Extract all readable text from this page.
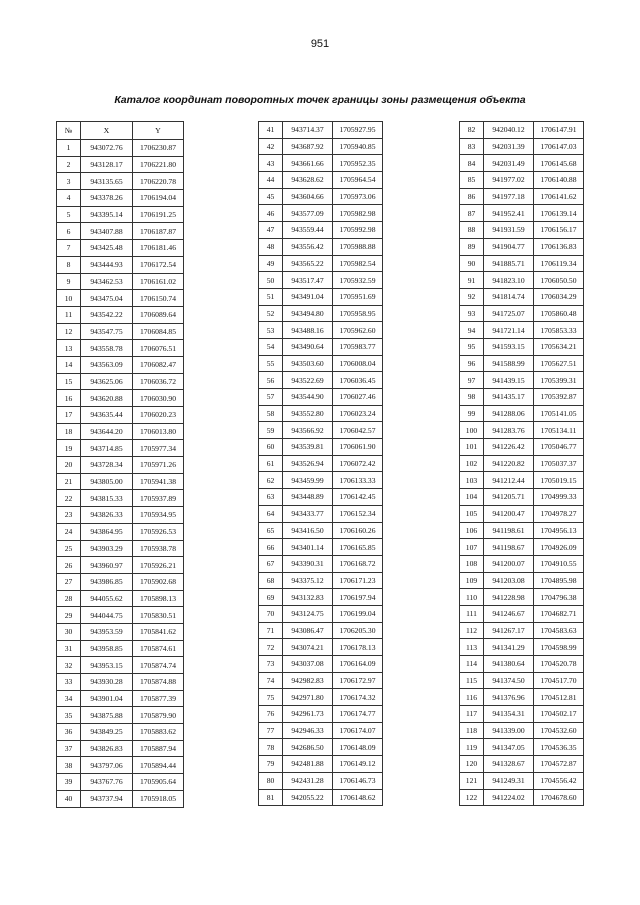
951
Каталог координат поворотных точек границы зоны размещения объекта
№	X	Y
1	943072.76	1706230.87
2	943128.17	1706221.80
3	943135.65	1706220.78
4	943378.26	1706194.04
5	943395.14	1706191.25
6	943407.88	1706187.87
7	943425.48	1706181.46
8	943444.93	1706172.54
9	943462.53	1706161.02
10	943475.04	1706150.74
11	943542.22	1706089.64
12	943547.75	1706084.85
13	943558.78	1706076.51
14	943563.09	1706082.47
15	943625.06	1706036.72
16	943620.88	1706030.90
17	943635.44	1706020.23
18	943644.20	1706013.80
19	943714.85	1705977.34
20	943728.34	1705971.26
21	943805.00	1705941.38
22	943815.33	1705937.89
23	943826.33	1705934.95
24	943864.95	1705926.53
25	943903.29	1705938.78
26	943960.97	1705926.21
27	943986.85	1705902.68
28	944055.62	1705898.13
29	944044.75	1705830.51
30	943953.59	1705841.62
31	943958.85	1705874.61
32	943953.15	1705874.74
33	943930.28	1705874.88
34	943901.04	1705877.39
35	943875.88	1705879.90
36	943849.25	1705883.62
37	943826.83	1705887.94
38	943797.06	1705894.44
39	943767.76	1705905.64
40	943737.94	1705918.05
41	943714.37	1705927.95
42	943687.92	1705940.85
43	943661.66	1705952.35
44	943628.62	1705964.54
45	943604.66	1705973.06
46	943577.09	1705982.98
47	943559.44	1705992.98
48	943556.42	1705988.88
49	943565.22	1705982.54
50	943517.47	1705932.59
51	943491.04	1705951.69
52	943494.80	1705958.95
53	943488.16	1705962.60
54	943490.64	1705983.77
55	943503.60	1706008.04
56	943522.69	1706036.45
57	943544.90	1706027.46
58	943552.80	1706023.24
59	943566.92	1706042.57
60	943539.81	1706061.90
61	943526.94	1706072.42
62	943459.99	1706133.33
63	943448.89	1706142.45
64	943433.77	1706152.34
65	943416.50	1706160.26
66	943401.14	1706165.85
67	943390.31	1706168.72
68	943375.12	1706171.23
69	943132.83	1706197.94
70	943124.75	1706199.04
71	943086.47	1706205.30
72	943074.21	1706178.13
73	943037.08	1706164.09
74	942982.83	1706172.97
75	942971.80	1706174.32
76	942961.73	1706174.77
77	942946.33	1706174.07
78	942686.50	1706148.09
79	942481.88	1706149.12
80	942431.28	1706146.73
81	942055.22	1706148.62
82	942040.12	1706147.91
83	942031.39	1706147.03
84	942031.49	1706145.68
85	941977.02	1706140.88
86	941977.18	1706141.62
87	941952.41	1706139.14
88	941931.59	1706156.17
89	941904.77	1706136.83
90	941885.71	1706119.34
91	941823.10	1706050.50
92	941814.74	1706034.29
93	941725.07	1705860.48
94	941721.14	1705853.33
95	941593.15	1705634.21
96	941588.99	1705627.51
97	941439.15	1705399.31
98	941435.17	1705392.87
99	941288.06	1705141.05
100	941283.76	1705134.11
101	941226.42	1705046.77
102	941220.82	1705037.37
103	941212.44	1705019.15
104	941205.71	1704999.33
105	941200.47	1704978.27
106	941198.61	1704956.13
107	941198.67	1704926.09
108	941200.07	1704910.55
109	941203.08	1704895.98
110	941228.98	1704796.38
111	941246.67	1704682.71
112	941267.17	1704583.63
113	941341.29	1704598.99
114	941380.64	1704520.78
115	941374.50	1704517.70
116	941376.96	1704512.81
117	941354.31	1704502.17
118	941339.00	1704532.60
119	941347.05	1704536.35
120	941328.67	1704572.87
121	941249.31	1704556.42
122	941224.02	1704678.60
